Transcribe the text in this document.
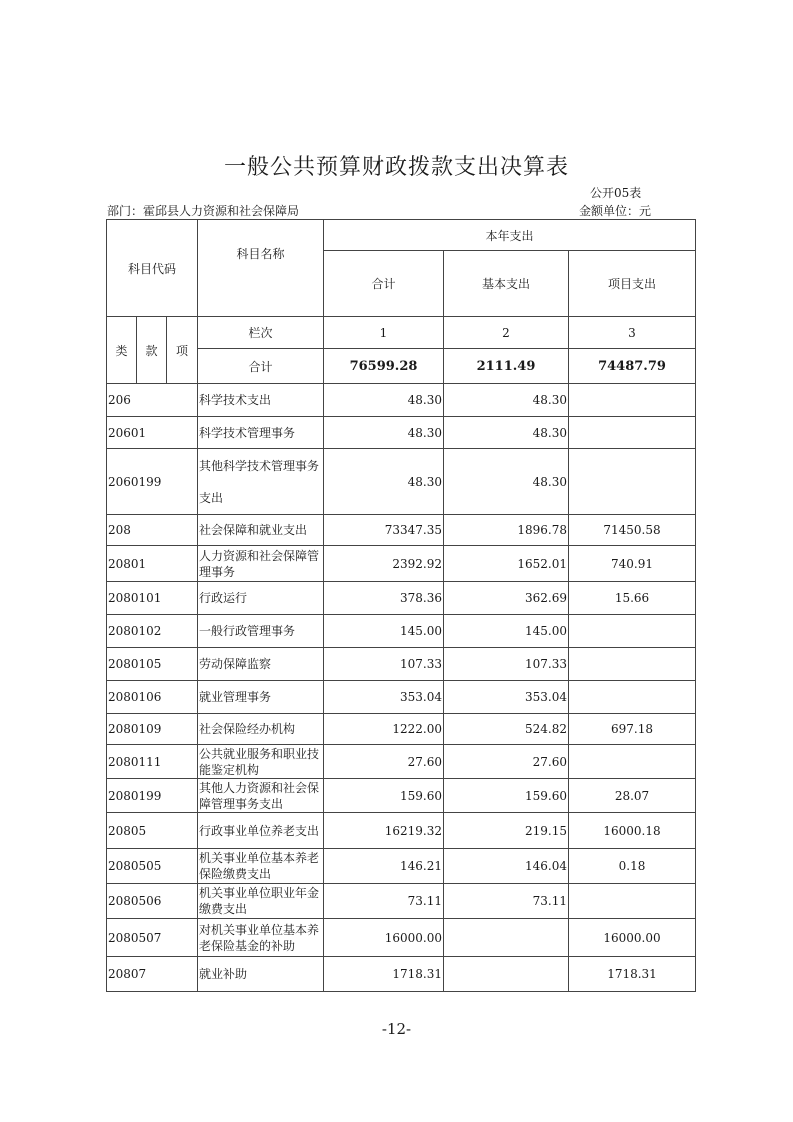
一般公共预算财政拨款支出决算表
公开05表
部门：霍邱县人力资源和社会保障局	金额单位：元
科目代码			科目名称	本年支出		
				合计	基本支出	项目支出
类	款	项	栏次	1	2	3
			合计	76599.28	2111.49	74487.79
206			科学技术支出	48.30	48.30	
20601			科学技术管理事务	48.30	48.30	
2060199			其他科学技术管理事务支出	48.30	48.30	
208			社会保障和就业支出	73347.35	1896.78	71450.58
20801			人力资源和社会保障管理事务	2392.92	1652.01	740.91
2080101			行政运行	378.36	362.69	15.66
2080102			一般行政管理事务	145.00	145.00	
2080105			劳动保障监察	107.33	107.33	
2080106			就业管理事务	353.04	353.04	
2080109			社会保险经办机构	1222.00	524.82	697.18
2080111			公共就业服务和职业技能鉴定机构	27.60	27.60	
2080199			其他人力资源和社会保障管理事务支出	159.60	159.60	28.07
20805			行政事业单位养老支出	16219.32	219.15	16000.18
2080505			机关事业单位基本养老保险缴费支出	146.21	146.04	0.18
2080506			机关事业单位职业年金缴费支出	73.11	73.11	
2080507			对机关事业单位基本养老保险基金的补助	16000.00		16000.00
20807			就业补助	1718.31		1718.31
-12-
